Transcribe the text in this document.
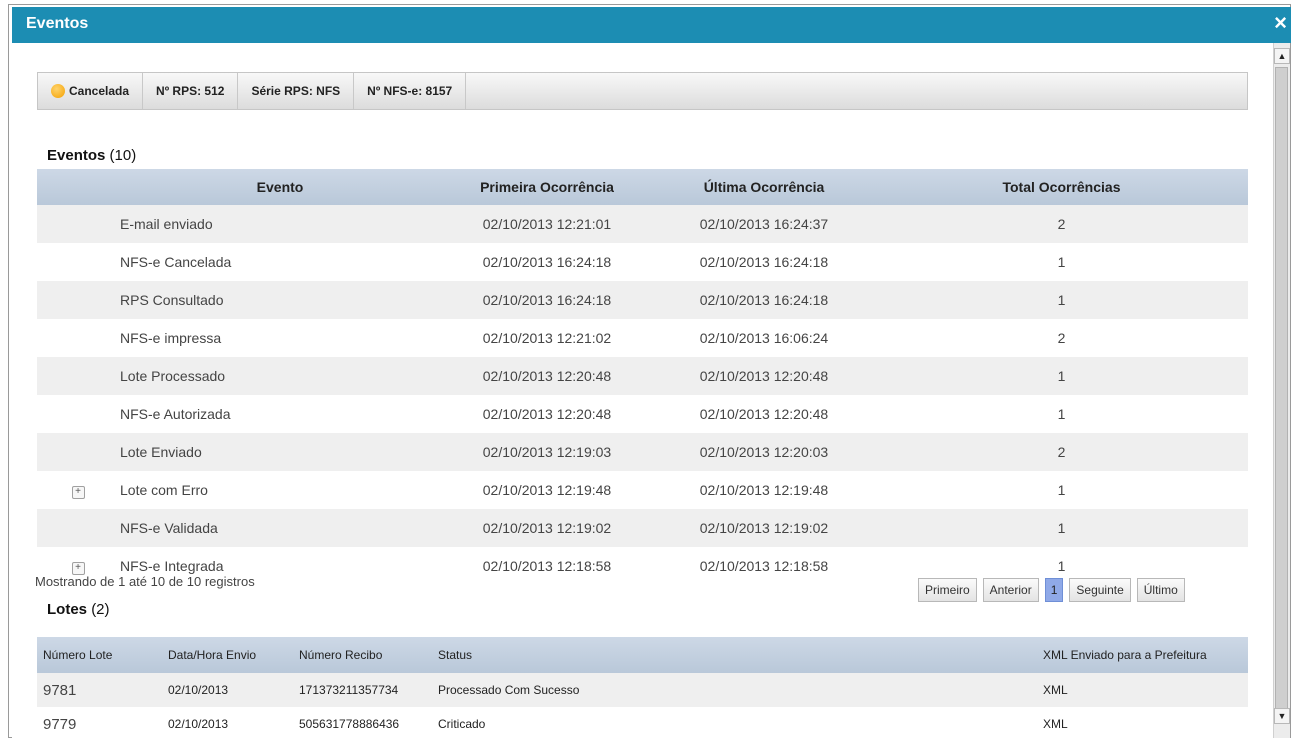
Eventos	×
Cancelada	Nº RPS: 512	Série RPS: NFS	Nº NFS-e: 8157
Eventos (10)
	Evento	Primeira Ocorrência	Última Ocorrência	Total Ocorrências
	E-mail enviado	02/10/2013 12:21:01	02/10/2013 16:24:37	2
	NFS-e Cancelada	02/10/2013 16:24:18	02/10/2013 16:24:18	1
	RPS Consultado	02/10/2013 16:24:18	02/10/2013 16:24:18	1
	NFS-e impressa	02/10/2013 12:21:02	02/10/2013 16:06:24	2
	Lote Processado	02/10/2013 12:20:48	02/10/2013 12:20:48	1
	NFS-e Autorizada	02/10/2013 12:20:48	02/10/2013 12:20:48	1
	Lote Enviado	02/10/2013 12:19:03	02/10/2013 12:20:03	2
+	Lote com Erro	02/10/2013 12:19:48	02/10/2013 12:19:48	1
	NFS-e Validada	02/10/2013 12:19:02	02/10/2013 12:19:02	1
+	NFS-e Integrada	02/10/2013 12:18:58	02/10/2013 12:18:58	1
Mostrando de 1 até 10 de 10 registros
Primeiro	Anterior	1	Seguinte	Último
Lotes (2)
Número Lote	Data/Hora Envio	Número Recibo	Status	XML Enviado para a Prefeitura
9781	02/10/2013	171373211357734	Processado Com Sucesso	XML
9779	02/10/2013	505631778886436	Criticado	XML
▲
▼
